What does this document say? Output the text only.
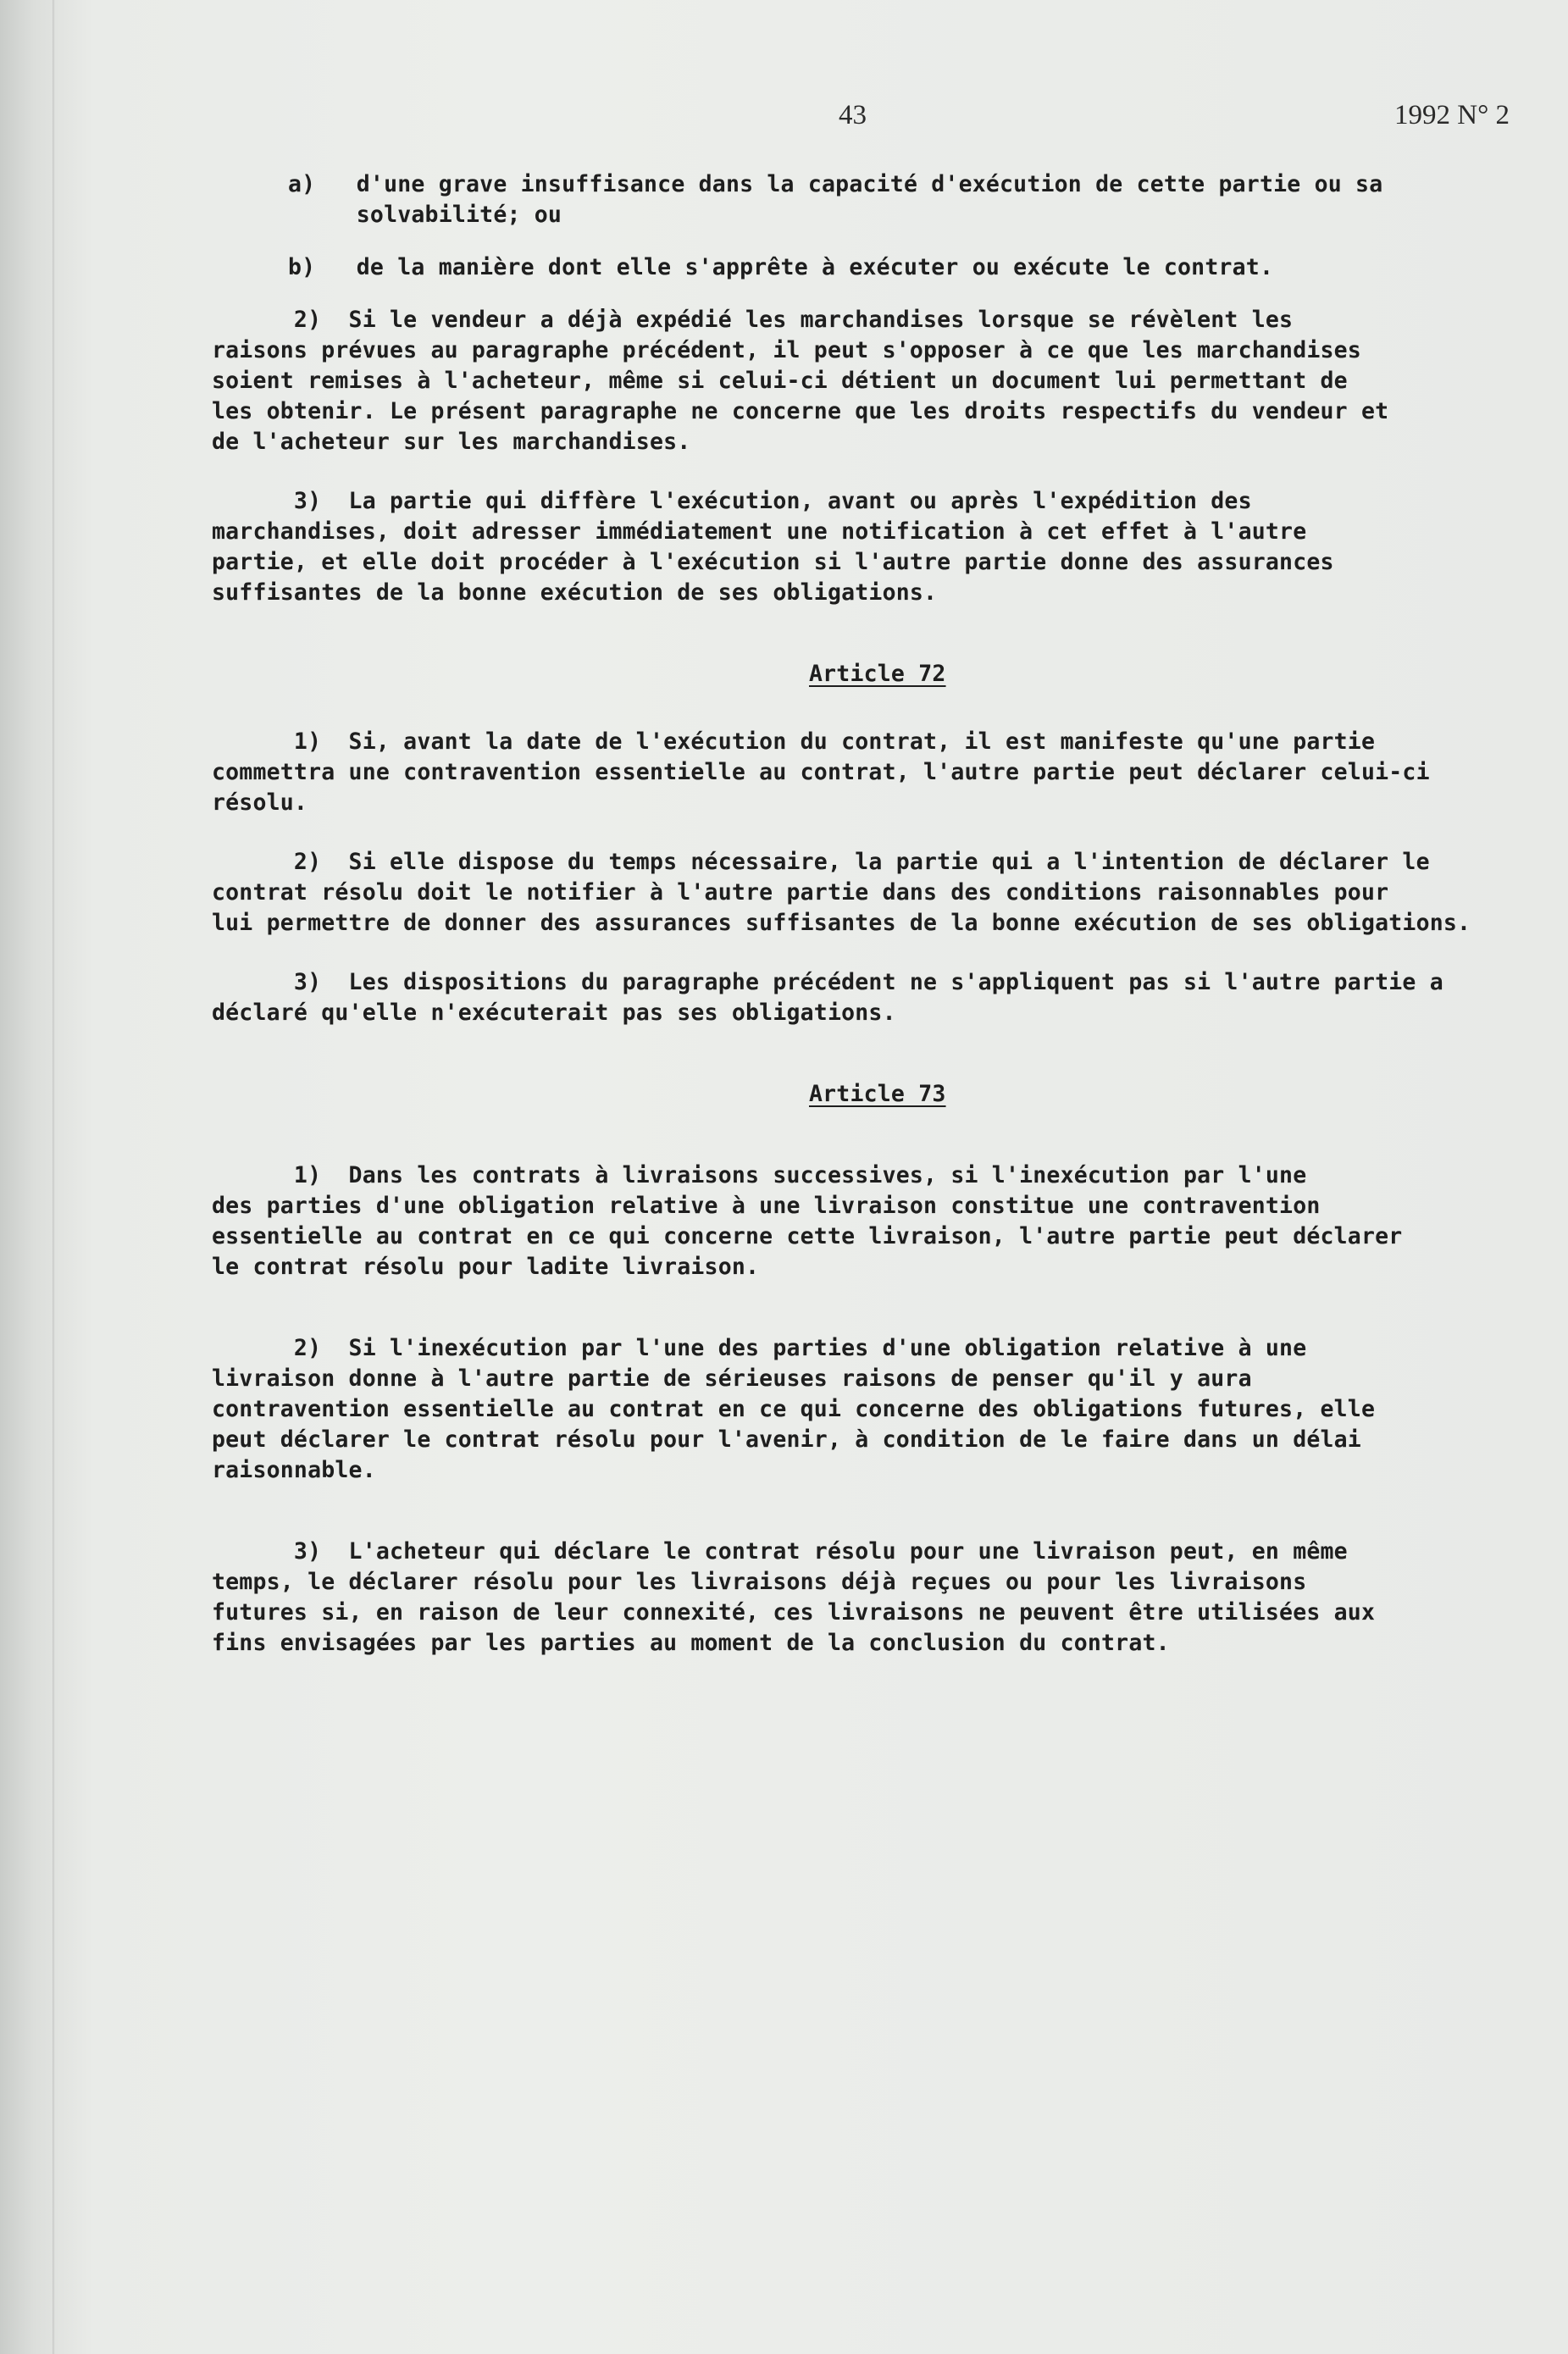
43	1992 N° 2
a)   d'une grave insuffisance dans la capacité d'exécution de cette partie ou sa
solvabilité; ou
b)   de la manière dont elle s'apprête à exécuter ou exécute le contrat.
2)  Si le vendeur a déjà expédié les marchandises lorsque se révèlent les
raisons prévues au paragraphe précédent, il peut s'opposer à ce que les marchandises
soient remises à l'acheteur, même si celui-ci détient un document lui permettant de
les obtenir. Le présent paragraphe ne concerne que les droits respectifs du vendeur et
de l'acheteur sur les marchandises.
3)  La partie qui diffère l'exécution, avant ou après l'expédition des
marchandises, doit adresser immédiatement une notification à cet effet à l'autre
partie, et elle doit procéder à l'exécution si l'autre partie donne des assurances
suffisantes de la bonne exécution de ses obligations.
Article 72
1)  Si, avant la date de l'exécution du contrat, il est manifeste qu'une partie
commettra une contravention essentielle au contrat, l'autre partie peut déclarer celui-ci
résolu.
2)  Si elle dispose du temps nécessaire, la partie qui a l'intention de déclarer le
contrat résolu doit le notifier à l'autre partie dans des conditions raisonnables pour
lui permettre de donner des assurances suffisantes de la bonne exécution de ses obligations.
3)  Les dispositions du paragraphe précédent ne s'appliquent pas si l'autre partie a
déclaré qu'elle n'exécuterait pas ses obligations.
Article 73
1)  Dans les contrats à livraisons successives, si l'inexécution par l'une
des parties d'une obligation relative à une livraison constitue une contravention
essentielle au contrat en ce qui concerne cette livraison, l'autre partie peut déclarer
le contrat résolu pour ladite livraison.
2)  Si l'inexécution par l'une des parties d'une obligation relative à une
livraison donne à l'autre partie de sérieuses raisons de penser qu'il y aura
contravention essentielle au contrat en ce qui concerne des obligations futures, elle
peut déclarer le contrat résolu pour l'avenir, à condition de le faire dans un délai
raisonnable.
3)  L'acheteur qui déclare le contrat résolu pour une livraison peut, en même
temps, le déclarer résolu pour les livraisons déjà reçues ou pour les livraisons
futures si, en raison de leur connexité, ces livraisons ne peuvent être utilisées aux
fins envisagées par les parties au moment de la conclusion du contrat.
